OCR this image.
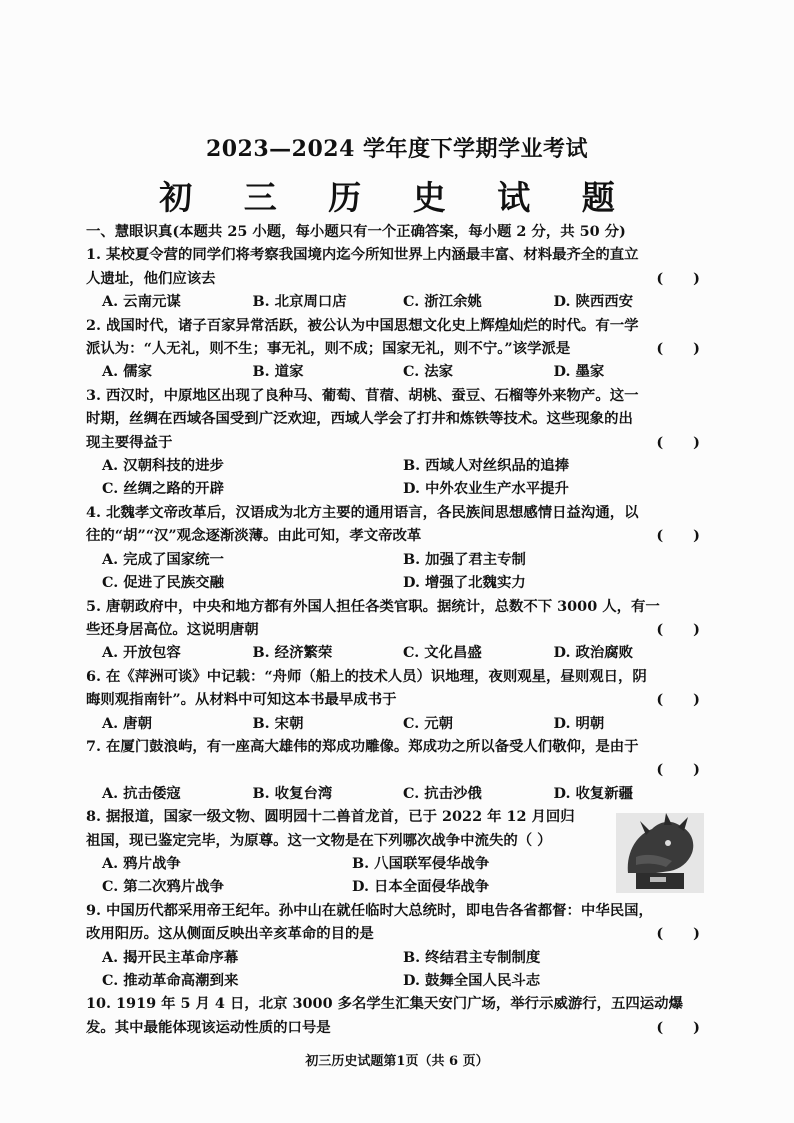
2023—2024 学年度下学期学业考试
初 三 历 史 试 题
一、慧眼识真(本题共 25 小题，每小题只有一个正确答案，每小题 2 分，共 50 分)
1. 某校夏令营的同学们将考察我国境内迄今所知世界上内涵最丰富、材料最齐全的直立
人遗址，他们应该去	(      )
A. 云南元谋	B. 北京周口店	C. 浙江余姚	D. 陕西西安
2. 战国时代，诸子百家异常活跃，被公认为中国思想文化史上辉煌灿烂的时代。有一学
派认为：“人无礼，则不生；事无礼，则不成；国家无礼，则不宁。”该学派是	(      )
A. 儒家	B. 道家	C. 法家	D. 墨家
3. 西汉时，中原地区出现了良种马、葡萄、苜蓿、胡桃、蚕豆、石榴等外来物产。这一
时期，丝绸在西域各国受到广泛欢迎，西域人学会了打井和炼铁等技术。这些现象的出
现主要得益于	(      )
A. 汉朝科技的进步	B. 西域人对丝织品的追捧
C. 丝绸之路的开辟	D. 中外农业生产水平提升
4. 北魏孝文帝改革后，汉语成为北方主要的通用语言，各民族间思想感情日益沟通，以
往的“胡”“汉”观念逐渐淡薄。由此可知，孝文帝改革	(      )
A. 完成了国家统一	B. 加强了君主专制
C. 促进了民族交融	D. 增强了北魏实力
5. 唐朝政府中，中央和地方都有外国人担任各类官职。据统计，总数不下 3000 人，有一
些还身居高位。这说明唐朝	(      )
A. 开放包容	B. 经济繁荣	C. 文化昌盛	D. 政治腐败
6. 在《萍洲可谈》中记载：“舟师（船上的技术人员）识地理，夜则观星，昼则观日，阴
晦则观指南针”。从材料中可知这本书最早成书于	(      )
A. 唐朝	B. 宋朝	C. 元朝	D. 明朝
7. 在厦门鼓浪屿，有一座高大雄伟的郑成功雕像。郑成功之所以备受人们敬仰，是由于
(      )
A. 抗击倭寇	B. 收复台湾	C. 抗击沙俄	D. 收复新疆
8. 据报道，国家一级文物、圆明园十二兽首龙首，已于 2022 年 12 月回归
祖国，现已鉴定完毕，为原尊。这一文物是在下列哪次战争中流失的（ ）
A. 鸦片战争	B. 八国联军侵华战争
C. 第二次鸦片战争	D. 日本全面侵华战争
9. 中国历代都采用帝王纪年。孙中山在就任临时大总统时，即电告各省都督：中华民国，
改用阳历。这从侧面反映出辛亥革命的目的是	(      )
A. 揭开民主革命序幕	B. 终结君主专制制度
C. 推动革命高潮到来	D. 鼓舞全国人民斗志
10. 1919 年 5 月 4 日，北京 3000 多名学生汇集天安门广场，举行示威游行，五四运动爆
发。其中最能体现该运动性质的口号是	(      )
初三历史试题第1页（共 6 页）
